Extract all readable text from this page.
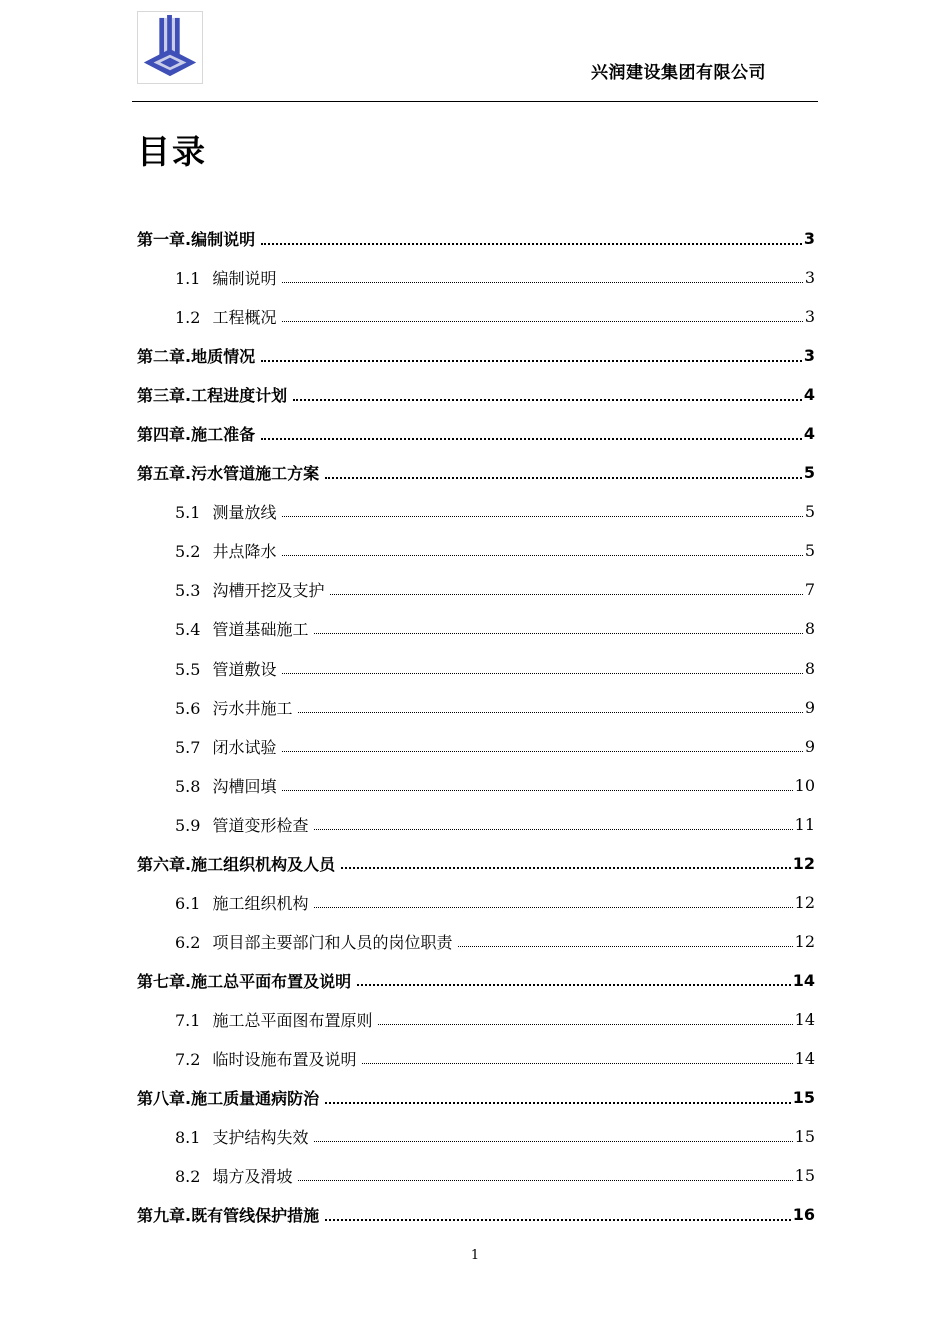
兴润建设集团有限公司
目录
第一章.编制说明	3
1.1 编制说明	3
1.2 工程概况	3
第二章.地质情况	3
第三章.工程进度计划	4
第四章.施工准备	4
第五章.污水管道施工方案	5
5.1 测量放线	5
5.2 井点降水	5
5.3 沟槽开挖及支护	7
5.4 管道基础施工	8
5.5 管道敷设	8
5.6 污水井施工	9
5.7 闭水试验	9
5.8 沟槽回填	10
5.9 管道变形检查	11
第六章.施工组织机构及人员	12
6.1 施工组织机构	12
6.2 项目部主要部门和人员的岗位职责	12
第七章.施工总平面布置及说明	14
7.1 施工总平面图布置原则	14
7.2 临时设施布置及说明	14
第八章.施工质量通病防治	15
8.1 支护结构失效	15
8.2 塌方及滑坡	15
第九章.既有管线保护措施	16
1
